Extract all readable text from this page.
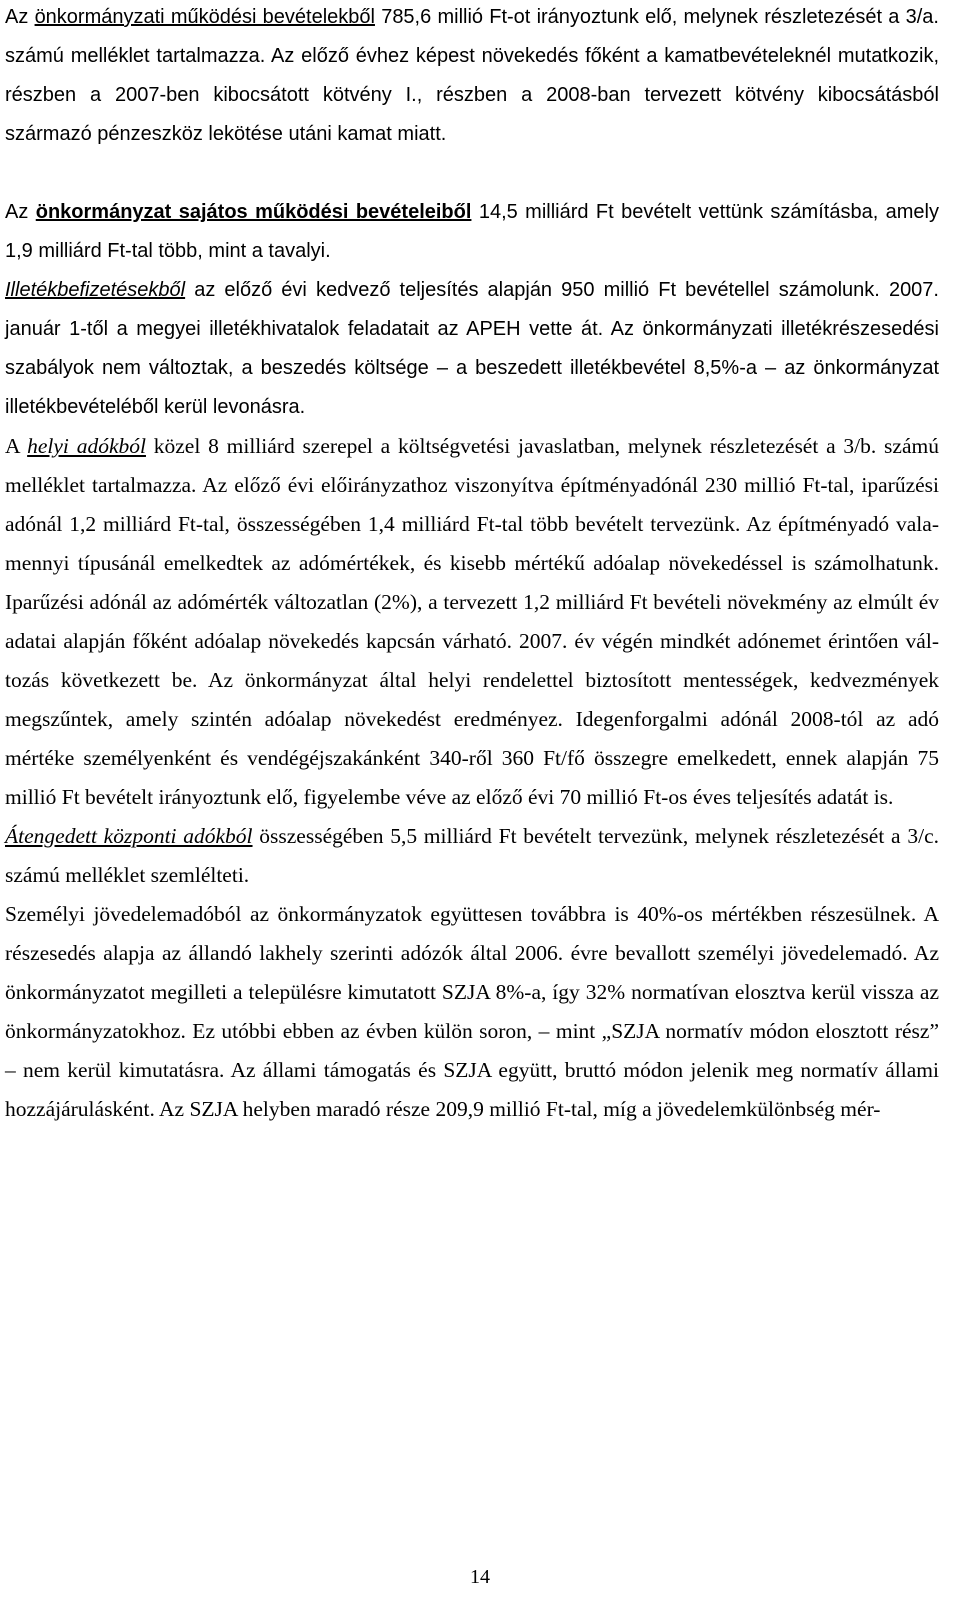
Az önkormányzati működési bevételekből 785,6 millió Ft-ot irányoztunk elő, melynek részletezését a 3/a. számú melléklet tartalmazza. Az előző évhez képest növekedés főként a kamatbevételeknél mutatkozik, részben a 2007-ben kibocsátott kötvény I., részben a 2008-ban tervezett kötvény kibocsátásból származó pénzeszköz lekötése utáni kamat miatt.

Az önkormányzat sajátos működési bevételeiből 14,5 milliárd Ft bevételt vettünk számításba, amely 1,9 milliárd Ft-tal több, mint a tavalyi.

Illetékbefizetésekből az előző évi kedvező teljesítés alapján 950 millió Ft bevétellel számolunk. 2007. január 1-től a megyei illetékhivatalok feladatait az APEH vette át. Az önkormányzati illetékrészesedési szabályok nem változtak, a beszedés költsége – a beszedett illetékbevétel 8,5%-a – az önkormányzat illetékbevételéből kerül levonásra.

A helyi adókból közel 8 milliárd szerepel a költségvetési javaslatban, melynek részletezését a 3/b. számú melléklet tartalmazza. Az előző évi előirányzathoz viszonyítva építményadónál 230 millió Ft-tal, iparűzési adónál 1,2 milliárd Ft-tal, összességében 1,4 milliárd Ft-tal több bevételt tervezünk. Az építményadó valamennyi típusánál emelkedtek az adómértékek, és kisebb mértékű adóalap növekedéssel is számolhatunk. Iparűzési adónál az adómérték változatlan (2%), a tervezett 1,2 milliárd Ft bevételi növekmény az elmúlt év adatai alapján főként adóalap növekedés kapcsán várható. 2007. év végén mindkét adónemet érintően változás következett be. Az önkormányzat által helyi rendelettel biztosított mentességek, kedvezmények megszűntek, amely szintén adóalap növekedést eredményez. Idegenforgalmi adónál 2008-tól az adó mértéke személyenként és vendégéjszakánként 340-ről 360 Ft/fő összegre emelkedett, ennek alapján 75 millió Ft bevételt irányoztunk elő, figyelembe véve az előző évi 70 millió Ft-os éves teljesítés adatát is.

Átengedett központi adókból összességében 5,5 milliárd Ft bevételt tervezünk, melynek részletezését a 3/c. számú melléklet szemlélteti.

Személyi jövedelemadóból az önkormányzatok együttesen továbbra is 40%-os mértékben részesülnek. A részesedés alapja az állandó lakhely szerinti adózók által 2006. évre bevallott személyi jövedelemadó. Az önkormányzatot megilleti a településre kimutatott SZJA 8%-a, így 32% normatívan elosztva kerül vissza az önkormányzatokhoz. Ez utóbbi ebben az évben külön soron, – mint „SZJA normatív módon elosztott rész” – nem kerül kimutatásra. Az állami támogatás és SZJA együtt, bruttó módon jelenik meg normatív állami hozzájárulásként. Az SZJA helyben maradó része 209,9 millió Ft-tal, míg a jövedelemkülönbség mér-

14
